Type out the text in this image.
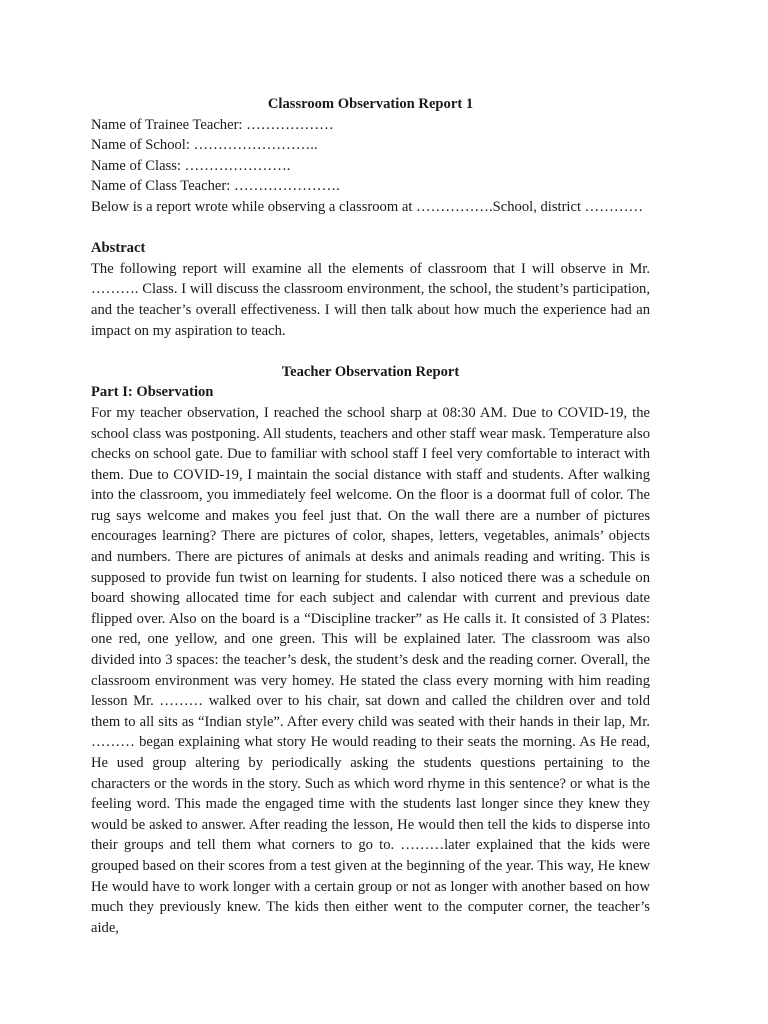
Classroom Observation Report 1

Name of Trainee Teacher: ………………

Name of School: ……………………..

Name of Class: ………………….

Name of Class Teacher: ………………….

Below is a report wrote while observing a classroom at …………….School, district …………

Abstract

The following report will examine all the elements of classroom that I will observe in Mr. ………. Class. I will discuss the classroom environment, the school, the student’s participation, and the teacher’s overall effectiveness. I will then talk about how much the experience had an impact on my aspiration to teach.

Teacher Observation Report

Part I: Observation

For my teacher observation, I reached the school sharp at 08:30 AM. Due to COVID-19, the school class was postponing. All students, teachers and other staff wear mask. Temperature also checks on school gate. Due to familiar with school staff I feel very comfortable to interact with them. Due to COVID-19, I maintain the social distance with staff and students. After walking into the classroom, you immediately feel welcome. On the floor is a doormat full of color. The rug says welcome and makes you feel just that. On the wall there are a number of pictures encourages learning? There are pictures of color, shapes, letters, vegetables, animals’ objects and numbers. There are pictures of animals at desks and animals reading and writing. This is supposed to provide fun twist on learning for students. I also noticed there was a schedule on board showing allocated time for each subject and calendar with current and previous date flipped over. Also on the board is a “Discipline tracker” as He calls it. It consisted of 3 Plates: one red, one yellow, and one green. This will be explained later. The classroom was also divided into 3 spaces: the teacher’s desk, the student’s desk and the reading corner. Overall, the classroom environment was very homey. He stated the class every morning with him reading lesson Mr. ……… walked over to his chair, sat down and called the children over and told them to all sits as “Indian style”. After every child was seated with their hands in their lap, Mr. ……… began explaining what story He would reading to their seats the morning. As He read, He used group altering by periodically asking the students questions pertaining to the characters or the words in the story. Such as which word rhyme in this sentence? or what is the feeling word. This made the engaged time with the students last longer since they knew they would be asked to answer. After reading the lesson, He would then tell the kids to disperse into their groups and tell them what corners to go to. ………later explained that the kids were grouped based on their scores from a test given at the beginning of the year. This way, He knew He would have to work longer with a certain group or not as longer with another based on how much they previously knew. The kids then either went to the computer corner, the teacher’s aide,
